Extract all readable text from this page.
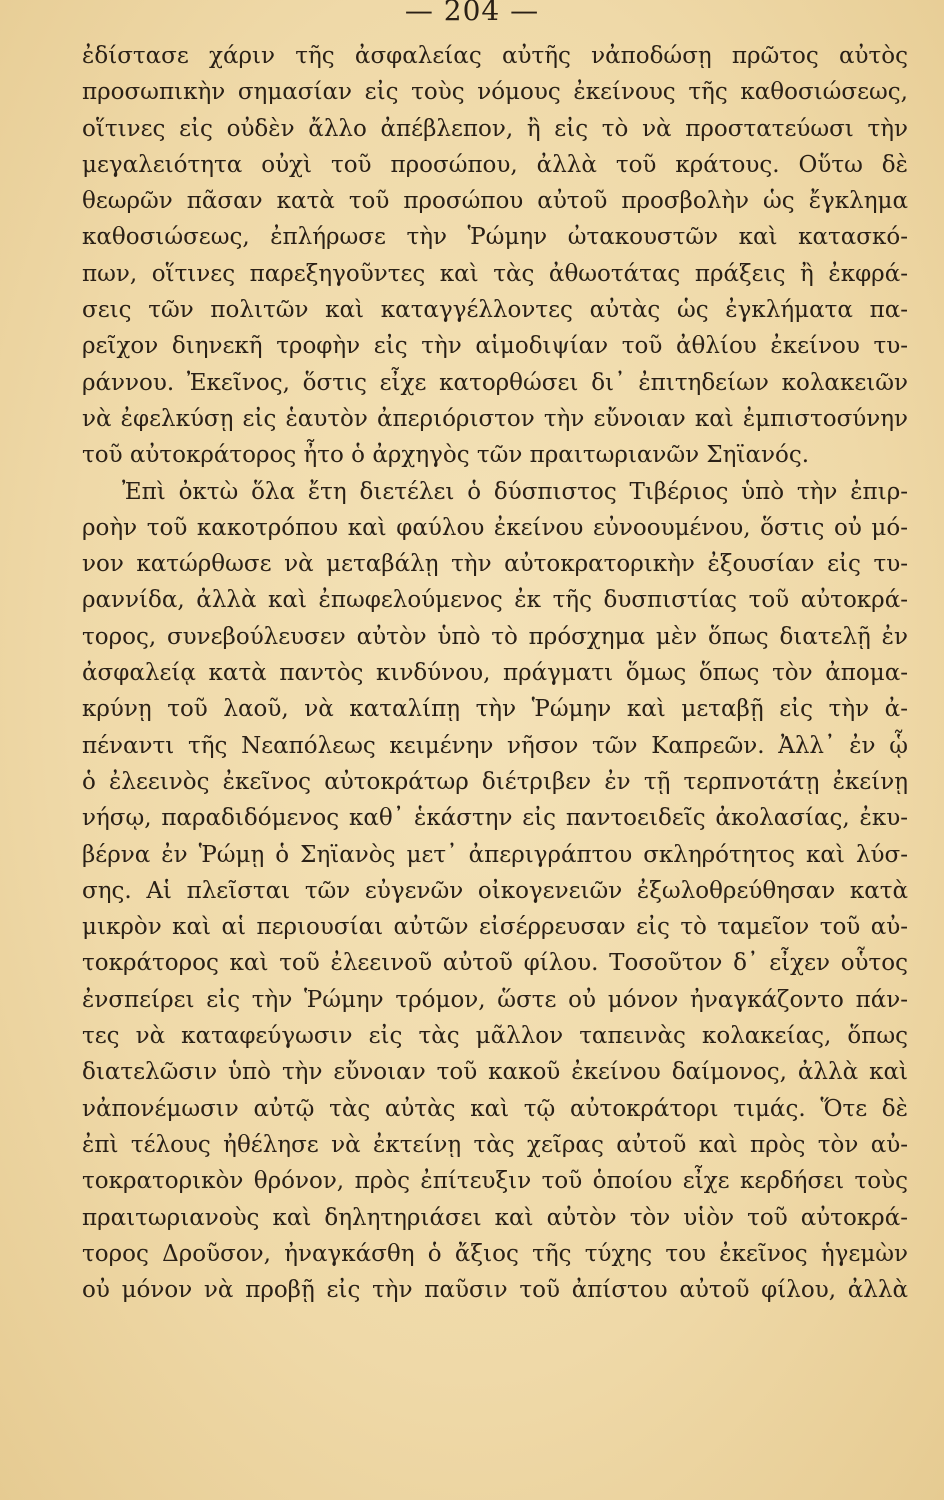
— 204 —
ἐδίστασε χάριν τῆς ἀσφαλείας αὐτῆς νἀποδώσῃ πρῶτος αὐτὸς
προσωπικὴν σημασίαν εἰς τοὺς νόμους ἐκείνους τῆς καθοσιώσεως,
οἵτινες εἰς οὐδὲν ἄλλο ἀπέβλεπον, ἢ εἰς τὸ νὰ προστατεύωσι τὴν
μεγαλειότητα οὐχὶ τοῦ προσώπου, ἀλλὰ τοῦ κράτους. Οὕτω δὲ
θεωρῶν πᾶσαν κατὰ τοῦ προσώπου αὐτοῦ προσβολὴν ὡς ἔγκλημα
καθοσιώσεως, ἐπλήρωσε τὴν Ῥώμην ὠτακουστῶν καὶ κατασκό-
πων, οἵτινες παρεξηγοῦντες καὶ τὰς ἀθωοτάτας πράξεις ἢ ἐκφρά-
σεις τῶν πολιτῶν καὶ καταγγέλλοντες αὐτὰς ὡς ἐγκλήματα πα-
ρεῖχον διηνεκῆ τροφὴν εἰς τὴν αἱμοδιψίαν τοῦ ἀθλίου ἐκείνου τυ-
ράννου. Ἐκεῖνος, ὅστις εἶχε κατορθώσει δι᾽ ἐπιτηδείων κολακειῶν
νὰ ἐφελκύσῃ εἰς ἑαυτὸν ἀπεριόριστον τὴν εὔνοιαν καὶ ἐμπιστοσύνην
τοῦ αὐτοκράτορος ἦτο ὁ ἀρχηγὸς τῶν πραιτωριανῶν Σηϊανός.
Ἐπὶ ὀκτὼ ὅλα ἔτη διετέλει ὁ δύσπιστος Τιβέριος ὑπὸ τὴν ἐπιρ-
ροὴν τοῦ κακοτρόπου καὶ φαύλου ἐκείνου εὐνοουμένου, ὅστις οὐ μό-
νον κατώρθωσε νὰ μεταβάλῃ τὴν αὐτοκρατορικὴν ἐξουσίαν εἰς τυ-
ραννίδα, ἀλλὰ καὶ ἐπωφελούμενος ἐκ τῆς δυσπιστίας τοῦ αὐτοκρά-
τορος, συνεβούλευσεν αὐτὸν ὑπὸ τὸ πρόσχημα μὲν ὅπως διατελῇ ἐν
ἀσφαλείᾳ κατὰ παντὸς κινδύνου, πράγματι ὅμως ὅπως τὸν ἀπομα-
κρύνῃ τοῦ λαοῦ, νὰ καταλίπῃ τὴν Ῥώμην καὶ μεταβῇ εἰς τὴν ἀ-
πέναντι τῆς Νεαπόλεως κειμένην νῆσον τῶν Καπρεῶν. Ἀλλ᾽ ἐν ᾧ
ὁ ἐλεεινὸς ἐκεῖνος αὐτοκράτωρ διέτριβεν ἐν τῇ τερπνοτάτῃ ἐκείνῃ
νήσῳ, παραδιδόμενος καθ᾽ ἑκάστην εἰς παντοειδεῖς ἀκολασίας, ἐκυ-
βέρνα ἐν Ῥώμῃ ὁ Σηϊανὸς μετ᾽ ἀπεριγράπτου σκληρότητος καὶ λύσ-
σης. Αἱ πλεῖσται τῶν εὐγενῶν οἰκογενειῶν ἐξωλοθρεύθησαν κατὰ
μικρὸν καὶ αἱ περιουσίαι αὐτῶν εἰσέρρευσαν εἰς τὸ ταμεῖον τοῦ αὐ-
τοκράτορος καὶ τοῦ ἐλεεινοῦ αὐτοῦ φίλου. Τοσοῦτον δ᾽ εἶχεν οὗτος
ἐνσπείρει εἰς τὴν Ῥώμην τρόμον, ὥστε οὐ μόνον ἠναγκάζοντο πάν-
τες νὰ καταφεύγωσιν εἰς τὰς μᾶλλον ταπεινὰς κολακείας, ὅπως
διατελῶσιν ὑπὸ τὴν εὔνοιαν τοῦ κακοῦ ἐκείνου δαίμονος, ἀλλὰ καὶ
νἀπονέμωσιν αὐτῷ τὰς αὐτὰς καὶ τῷ αὐτοκράτορι τιμάς. Ὅτε δὲ
ἐπὶ τέλους ἠθέλησε νὰ ἐκτείνῃ τὰς χεῖρας αὐτοῦ καὶ πρὸς τὸν αὐ-
τοκρατορικὸν θρόνον, πρὸς ἐπίτευξιν τοῦ ὁποίου εἶχε κερδήσει τοὺς
πραιτωριανοὺς καὶ δηλητηριάσει καὶ αὐτὸν τὸν υἱὸν τοῦ αὐτοκρά-
τορος Δροῦσον, ἠναγκάσθη ὁ ἄξιος τῆς τύχης του ἐκεῖνος ἡγεμὼν
οὐ μόνον νὰ προβῇ εἰς τὴν παῦσιν τοῦ ἀπίστου αὐτοῦ φίλου, ἀλλὰ
